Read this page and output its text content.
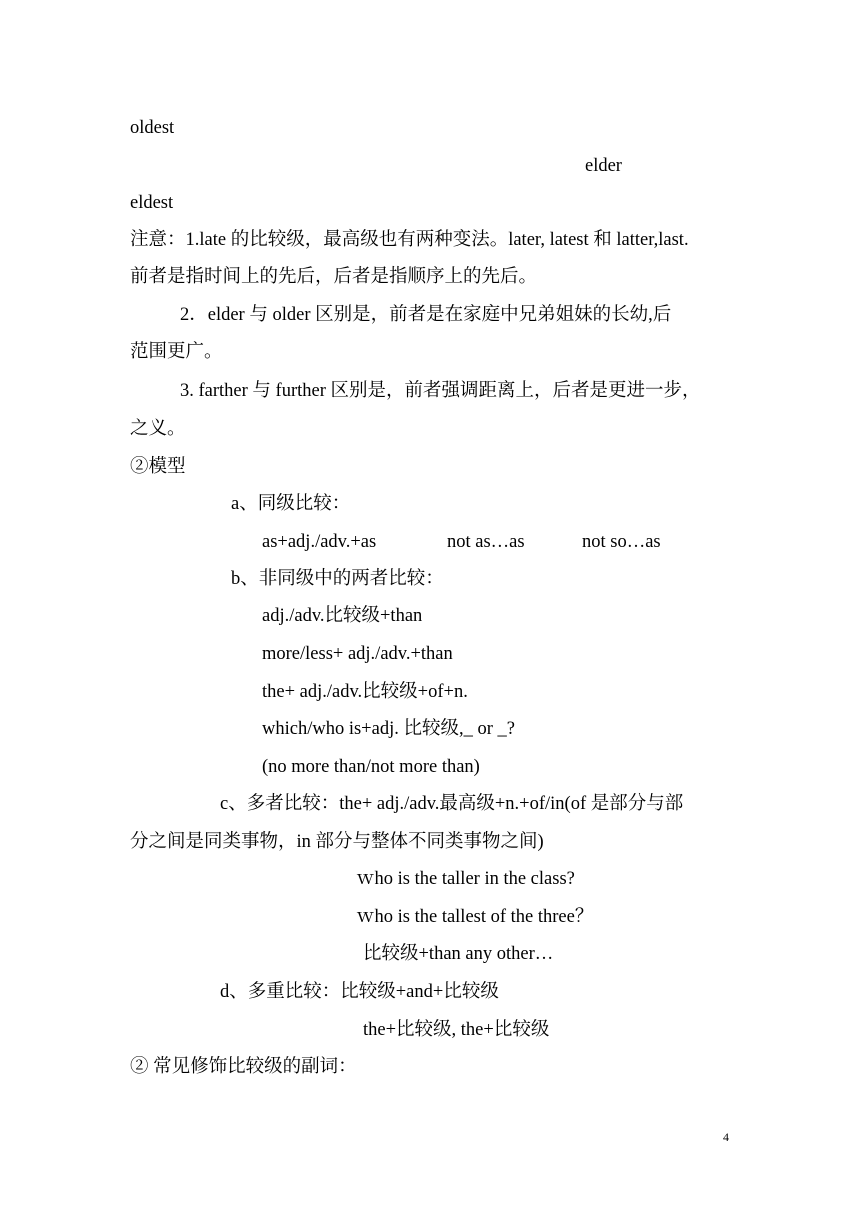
oldest
elder
eldest
注意：1.late 的比较级，最高级也有两种变法。later, latest 和 latter,last.
前者是指时间上的先后，后者是指顺序上的先后。
2．elder 与 older 区别是，前者是在家庭中兄弟姐妹的长幼,后
范围更广。
3. farther 与 further 区别是，前者强调距离上，后者是更进一步，
之义。
②模型
a、同级比较：
as+adj./adv.+as	not as…as	not so…as
b、非同级中的两者比较：
adj./adv.比较级+than
more/less+ adj./adv.+than
the+ adj./adv.比较级+of+n.
which/who is+adj. 比较级,_ or _?
(no more than/not more than)
c、多者比较：the+ adj./adv.最高级+n.+of/in(of 是部分与部
分之间是同类事物，in 部分与整体不同类事物之间)
ｗho is the taller in the class?
ｗho is the tallest of the three？
比较级+than any other…
d、多重比较：比较级+and+比较级
the+比较级, the+比较级
② 常见修饰比较级的副词：
4
